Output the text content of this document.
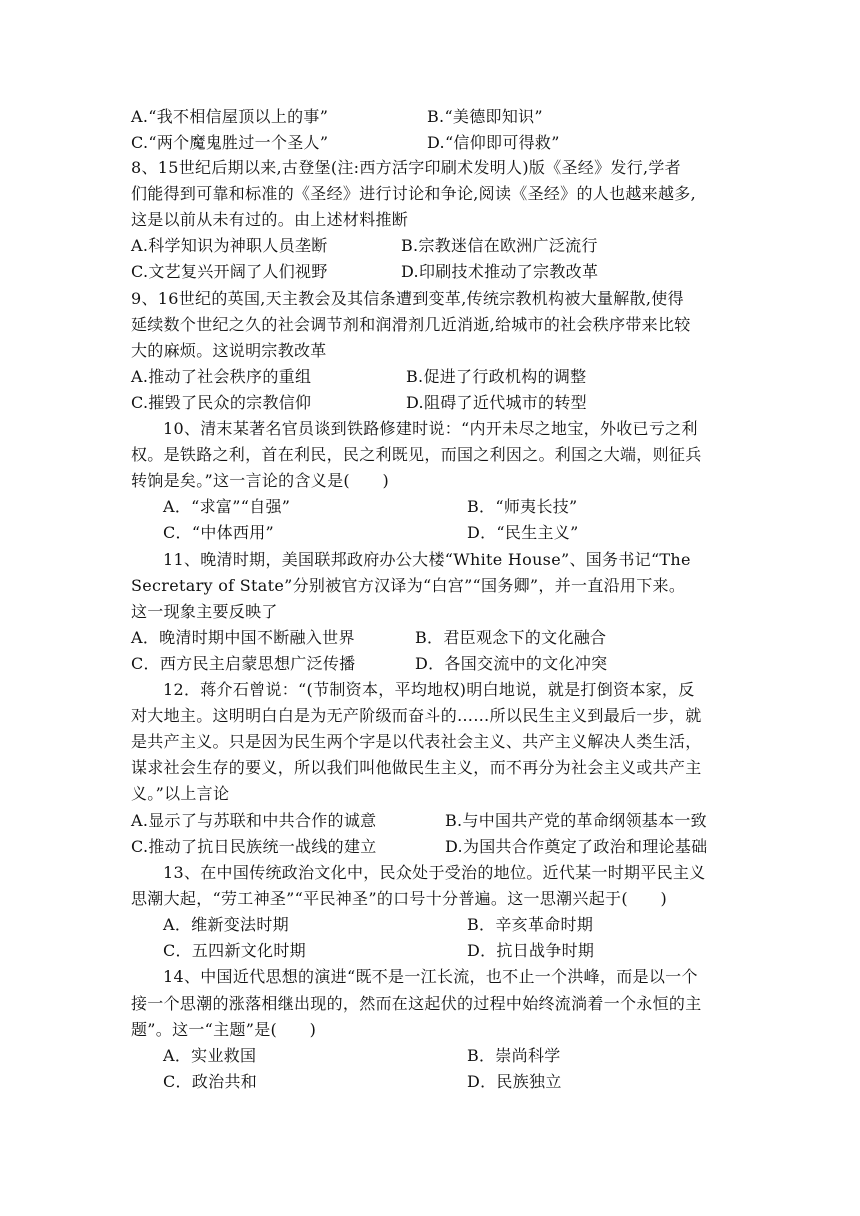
A.“我不相信屋顶以上的事”	B.“美德即知识”
C.“两个魔鬼胜过一个圣人”	D.“信仰即可得救”
8、15世纪后期以来,古登堡(注:西方活字印刷术发明人)版《圣经》发行,学者
们能得到可靠和标准的《圣经》进行讨论和争论,阅读《圣经》的人也越来越多,
这是以前从未有过的。由上述材料推断
A.科学知识为神职人员垄断	B.宗教迷信在欧洲广泛流行
C.文艺复兴开阔了人们视野	D.印刷技术推动了宗教改革
9、16世纪的英国,天主教会及其信条遭到变革,传统宗教机构被大量解散,使得
延续数个世纪之久的社会调节剂和润滑剂几近消逝,给城市的社会秩序带来比较
大的麻烦。这说明宗教改革
A.推动了社会秩序的重组	B.促进了行政机构的调整
C.摧毁了民众的宗教信仰	D.阻碍了近代城市的转型
10、清末某著名官员谈到铁路修建时说：“内开未尽之地宝，外收已亏之利
权。是铁路之利，首在利民，民之利既见，而国之利因之。利国之大端，则征兵
转饷是矣。”这一言论的含义是(　　)
A．“求富”“自强”	B．“师夷长技”
C．“中体西用”	D．“民生主义”
11、晚清时期，美国联邦政府办公大楼“White House”、国务书记“The
Secretary of State”分别被官方汉译为“白宫”“国务卿”，并一直沿用下来。
这一现象主要反映了
A．晚清时期中国不断融入世界	B．君臣观念下的文化融合
C．西方民主启蒙思想广泛传播	D．各国交流中的文化冲突
12．蒋介石曾说：“(节制资本，平均地权)明白地说，就是打倒资本家，反
对大地主。这明明白白是为无产阶级而奋斗的……所以民生主义到最后一步，就
是共产主义。只是因为民生两个字是以代表社会主义、共产主义解决人类生活，
谋求社会生存的要义，所以我们叫他做民生主义，而不再分为社会主义或共产主
义。”以上言论
A.显示了与苏联和中共合作的诚意	B.与中国共产党的革命纲领基本一致
C.推动了抗日民族统一战线的建立	D.为国共合作奠定了政治和理论基础
13、在中国传统政治文化中，民众处于受治的地位。近代某一时期平民主义
思潮大起，“劳工神圣”“平民神圣”的口号十分普遍。这一思潮兴起于(　　)
A．维新变法时期	B．辛亥革命时期
C．五四新文化时期	D．抗日战争时期
14、中国近代思想的演进“既不是一江长流，也不止一个洪峰，而是以一个
接一个思潮的涨落相继出现的，然而在这起伏的过程中始终流淌着一个永恒的主
题”。这一“主题”是(　　)
A．实业救国	B．崇尚科学
C．政治共和	D．民族独立
